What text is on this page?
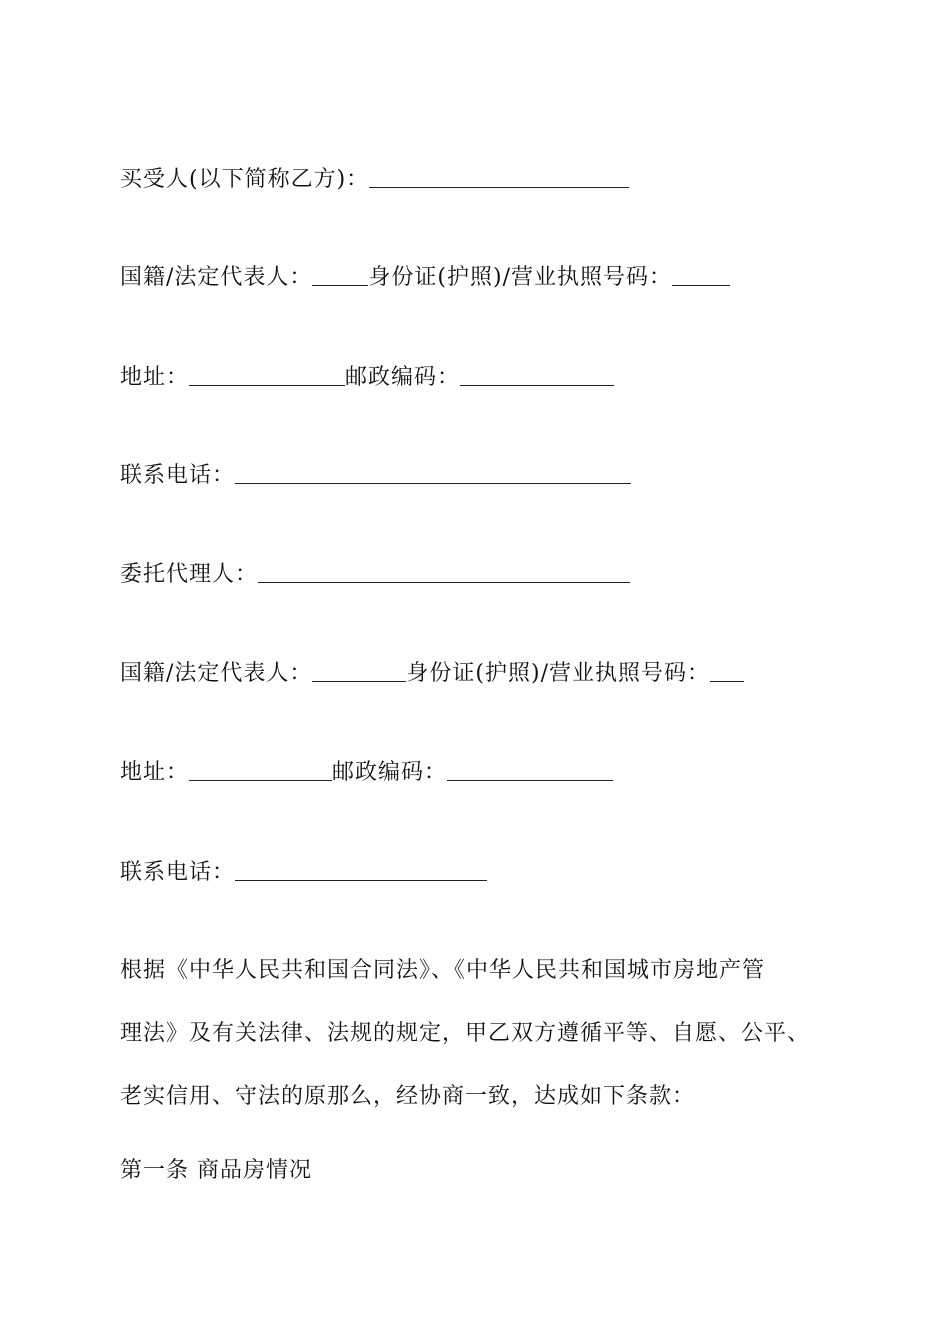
买受人(以下简称乙方)：
国籍/法定代表人：	身份证(护照)/营业执照号码：
地址：	邮政编码：
联系电话：
委托代理人：
国籍/法定代表人：	身份证(护照)/营业执照号码：
地址：	邮政编码：
联系电话：
根据《中华人民共和国合同法》、《中华人民共和国城市房地产管
理法》及有关法律、法规的规定，甲乙双方遵循平等、自愿、公平、
老实信用、守法的原那么，经协商一致，达成如下条款：
第一条 商品房情况
